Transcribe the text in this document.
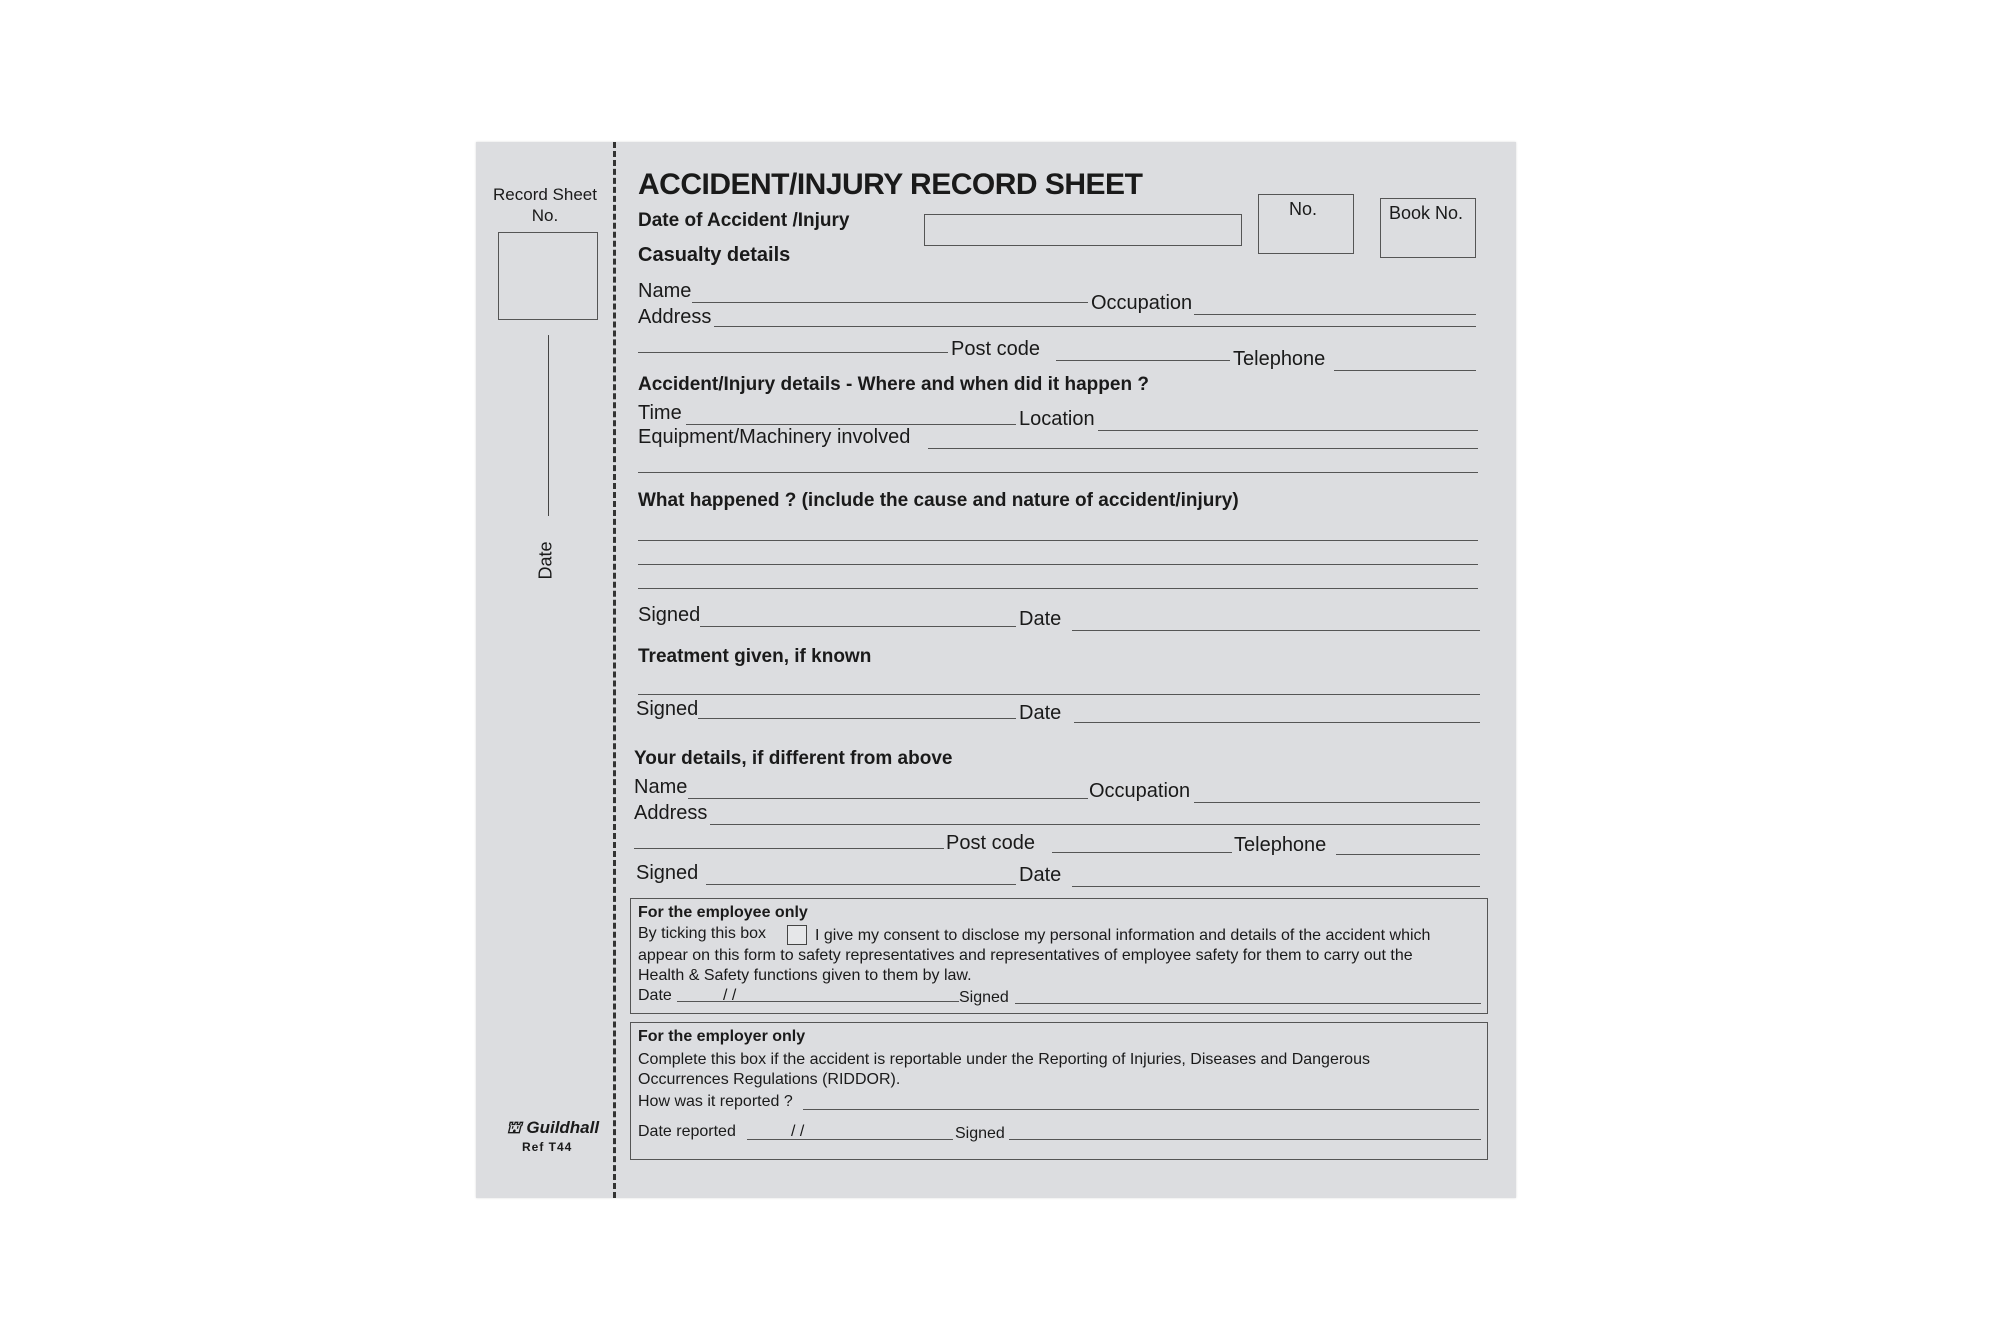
Record Sheet No.
Date
⛫ Guildhall
Ref T44
ACCIDENT/INJURY RECORD SHEET
Date of Accident /Injury
No.	Book No.
Casualty details
Name
Occupation
Address
Post code	Telephone
Accident/Injury details - Where and when did it happen ?
Time	Location
Equipment/Machinery involved
What happened ? (include the cause and nature of accident/injury)
Signed	Date
Treatment given, if known
Signed	Date
Your details, if different from above
Name	Occupation
Address
Post code	Telephone
Signed	Date
For the employee only
By ticking this box	I give my consent to disclose my personal information and details of the accident which
appear on this form to safety representatives and representatives of employee safety for them to carry out the
Health & Safety functions given to them by law.
Date	/ /	Signed
For the employer only
Complete this box if the accident is reportable under the Reporting of Injuries, Diseases and Dangerous
Occurrences Regulations (RIDDOR).
How was it reported ?
Date reported	/ /	Signed
